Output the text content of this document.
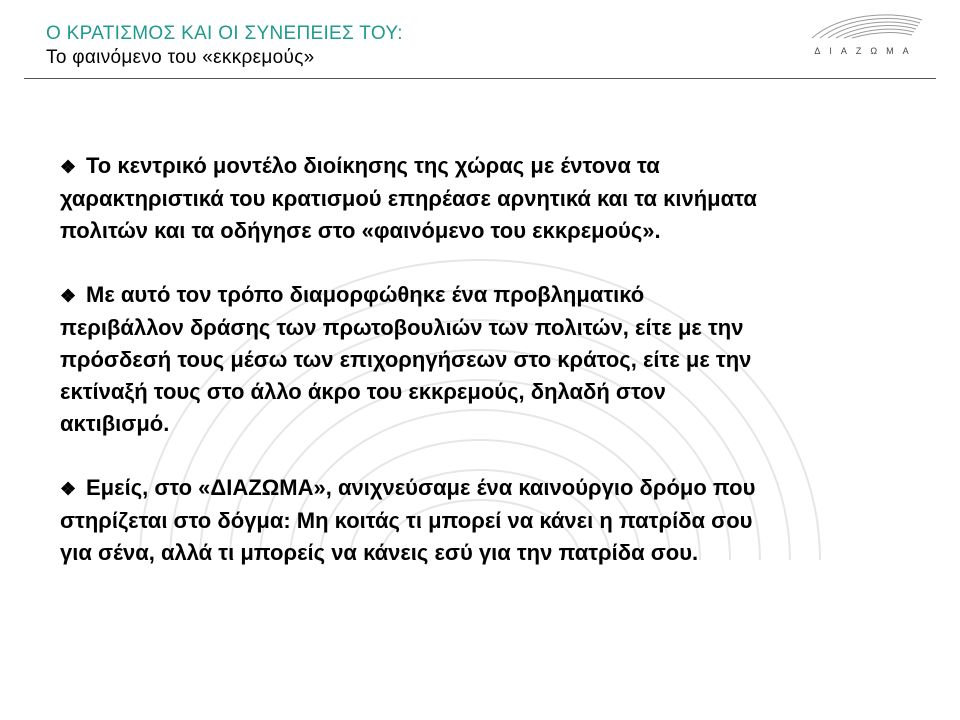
Ο ΚΡΑΤΙΣΜΟΣ ΚΑΙ ΟΙ ΣΥΝΕΠΕΙΕΣ ΤΟΥ:
Το φαινόμενο του «εκκρεμούς»	ΔΙΑΖΩΜΑ
❖ Το κεντρικό μοντέλο διοίκησης της χώρας με έντονα τα
χαρακτηριστικά του κρατισμού επηρέασε αρνητικά και τα κινήματα
πολιτών και τα οδήγησε στο «φαινόμενο του εκκρεμούς».
❖ Με αυτό τον τρόπο διαμορφώθηκε ένα προβληματικό
περιβάλλον δράσης των πρωτοβουλιών των πολιτών, είτε με την
πρόσδεσή τους μέσω των επιχορηγήσεων στο κράτος, είτε με την
εκτίναξή τους στο άλλο άκρο του εκκρεμούς, δηλαδή στον
ακτιβισμό.
❖ Εμείς, στο «ΔΙΑΖΩΜΑ», ανιχνεύσαμε ένα καινούργιο δρόμο που
στηρίζεται στο δόγμα: Μη κοιτάς τι μπορεί να κάνει η πατρίδα σου
για σένα, αλλά τι μπορείς να κάνεις εσύ για την πατρίδα σου.
